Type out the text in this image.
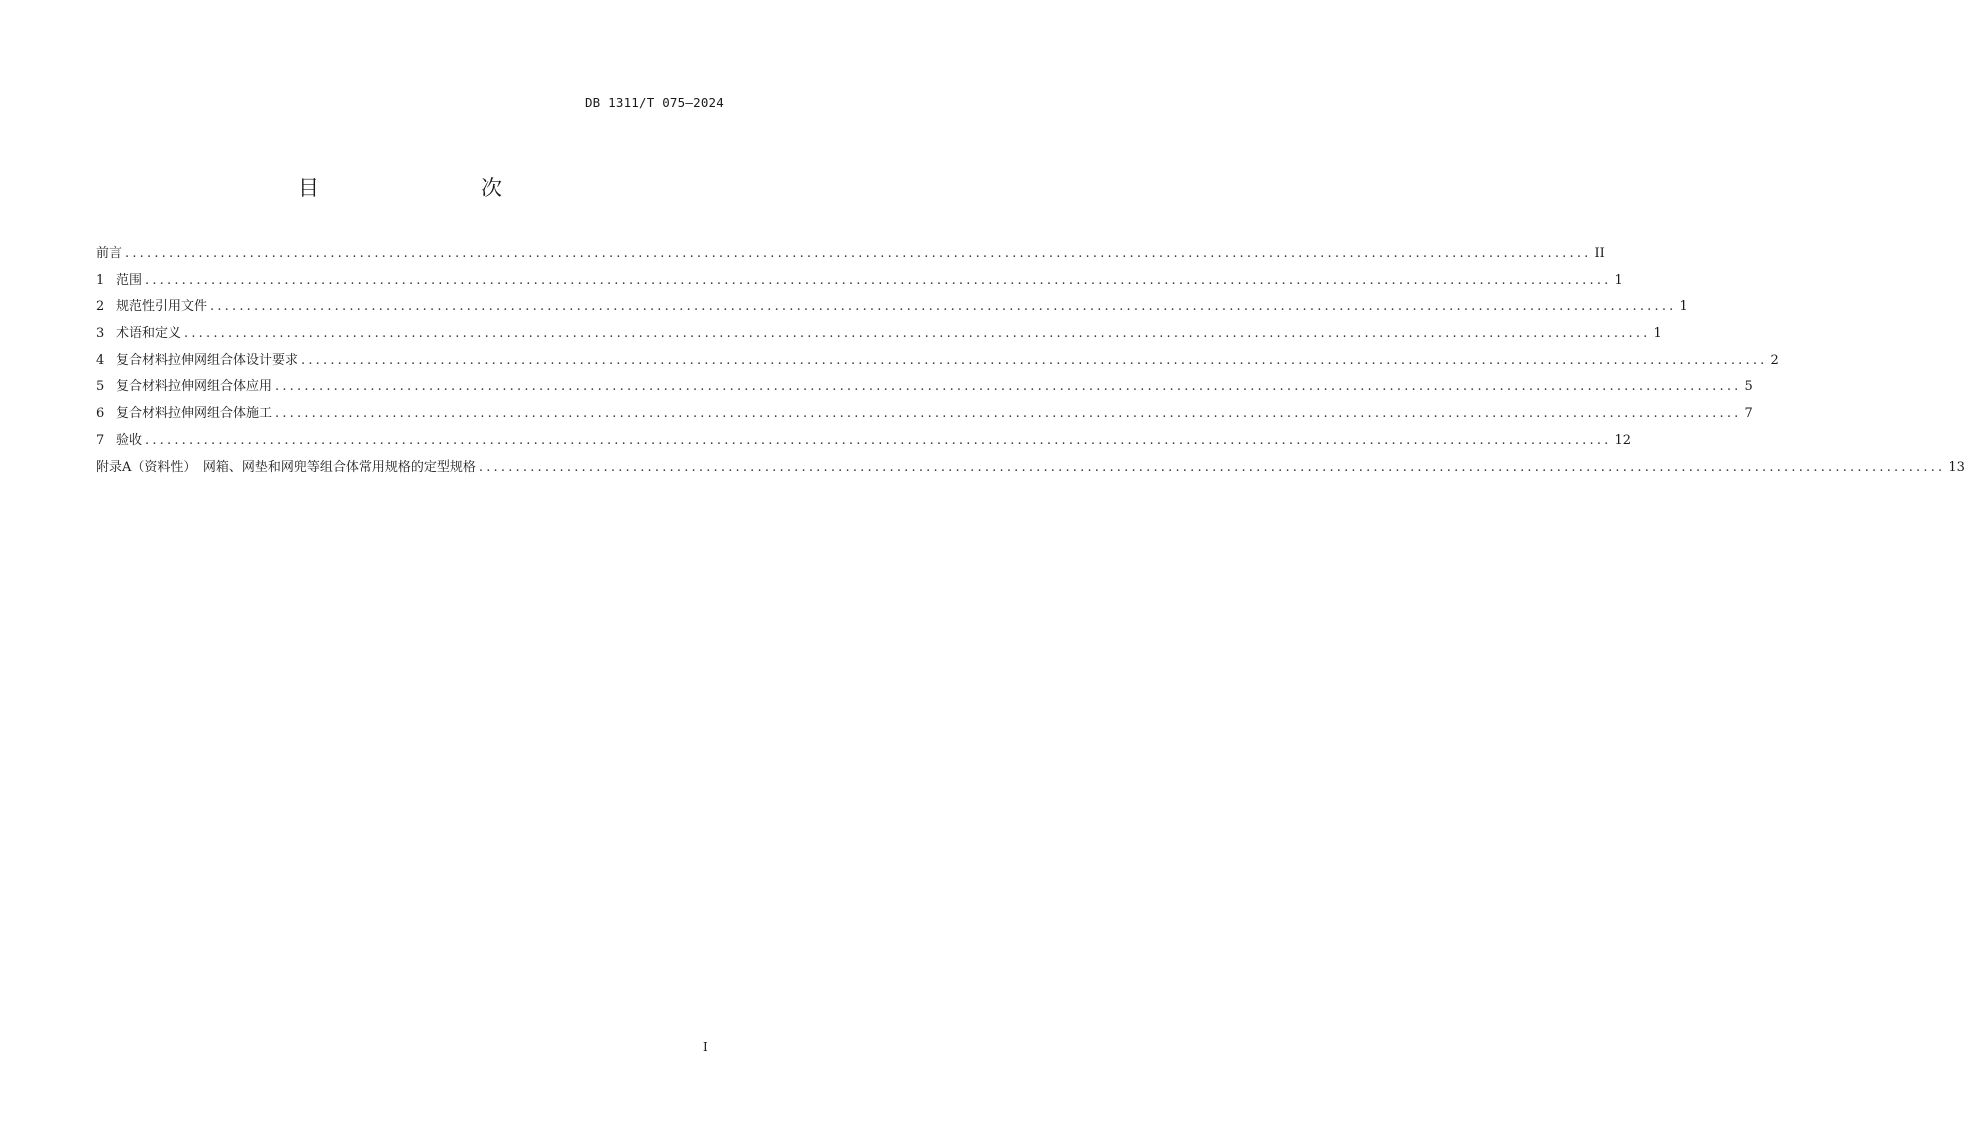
DB 1311/T 075—2024
目　　次
前言 ........................................................................................................................................................................................................ II
1 范围 ........................................................................................................................................................................................................ 1
2 规范性引用文件 ........................................................................................................................................................................................................ 1
3 术语和定义 ........................................................................................................................................................................................................ 1
4 复合材料拉伸网组合体设计要求 ........................................................................................................................................................................................................ 2
5 复合材料拉伸网组合体应用 ........................................................................................................................................................................................................ 5
6 复合材料拉伸网组合体施工 ........................................................................................................................................................................................................ 7
7 验收 ........................................................................................................................................................................................................ 12
附录A（资料性）　网箱、网垫和网兜等组合体常用规格的定型规格 ........................................................................................................................................................................................................ 13
I
